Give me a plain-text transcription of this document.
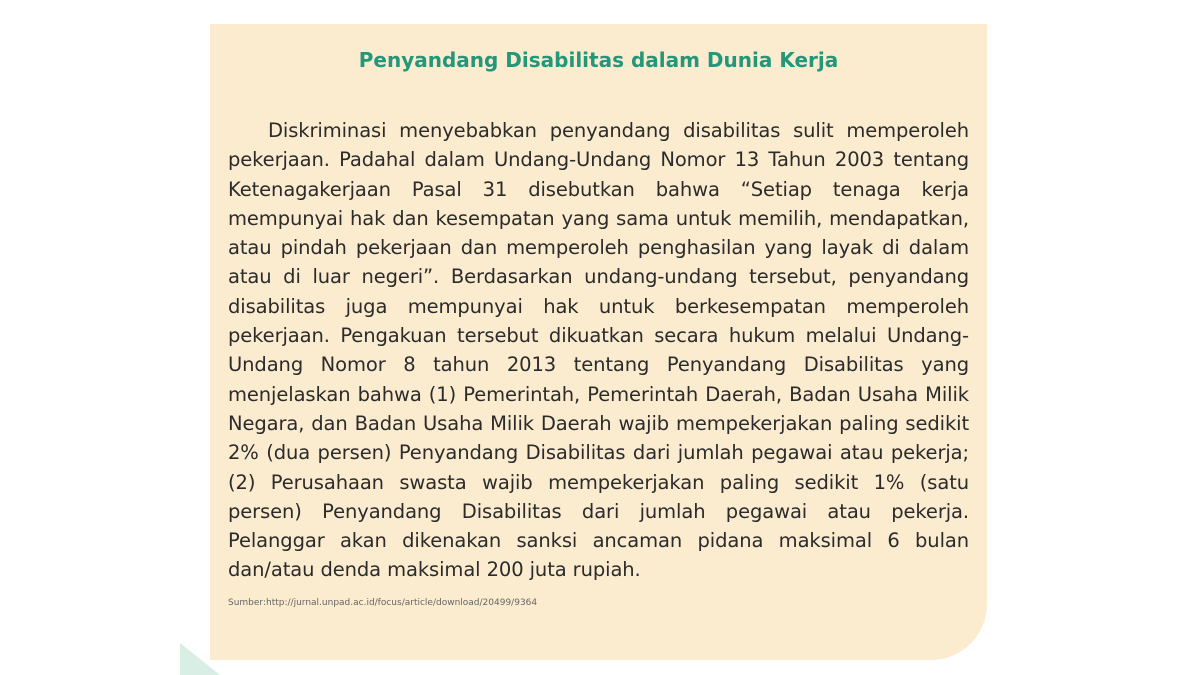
Penyandang Disabilitas dalam Dunia Kerja

Diskriminasi menyebabkan penyandang disabilitas sulit memperoleh pekerjaan. Padahal dalam Undang-Undang Nomor 13 Tahun 2003 tentang Ketenagakerjaan Pasal 31 disebutkan bahwa “Setiap tenaga kerja mempunyai hak dan kesempatan yang sama untuk memilih, mendapatkan, atau pindah pekerjaan dan memperoleh penghasilan yang layak di dalam atau di luar negeri”. Berdasarkan undang-undang tersebut, penyandang disabilitas juga mempunyai hak untuk berkesempatan memperoleh pekerjaan. Pengakuan tersebut dikuatkan secara hukum melalui Undang-Undang Nomor 8 tahun 2013 tentang Penyandang Disabilitas yang menjelaskan bahwa (1) Pemerintah, Pemerintah Daerah, Badan Usaha Milik Negara, dan Badan Usaha Milik Daerah wajib mempekerjakan paling sedikit 2% (dua persen) Penyandang Disabilitas dari jumlah pegawai atau pekerja; (2) Perusahaan swasta wajib mempekerjakan paling sedikit 1% (satu persen) Penyandang Disabilitas dari jumlah pegawai atau pekerja. Pelanggar akan dikenakan sanksi ancaman pidana maksimal 6 bulan dan/atau denda maksimal 200 juta rupiah.

Sumber:http://jurnal.unpad.ac.id/focus/article/download/20499/9364
